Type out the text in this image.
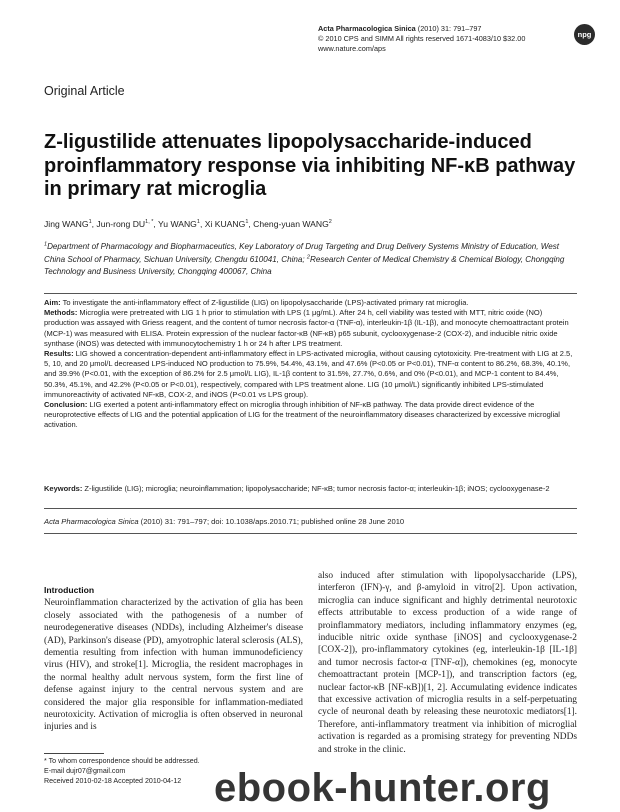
Acta Pharmacologica Sinica (2010) 31: 791–797
© 2010 CPS and SIMM All rights reserved 1671-4083/10 $32.00
www.nature.com/aps
npg
Original Article
Z-ligustilide attenuates lipopolysaccharide-induced proinflammatory response via inhibiting NF-κB pathway in primary rat microglia
Jing WANG$^1$, Jun-rong $DU^{1, *}$, Yu WANG$^1$, Xi KUANG$^1$, Cheng-yuan WANG$^2$
$^1$Department of Pharmacology and Biopharmaceutics, Key Laboratory of Drug Targeting and Drug Delivery Systems Ministry of Education, West China School of Pharmacy, Sichuan University, Chengdu 610041, China; $^2$Research Center of Medical Chemistry & Chemical Biology, Chongqing Technology and Business University, Chongqing 400067, China

Aim: To investigate the anti-inflammatory effect of Z-ligustilide (LIG) on lipopolysaccharide (LPS)-activated primary rat microglia.

Methods: Microglia were pretreated with LIG 1 h prior to stimulation with LPS (1 μg/mL). After 24 h, cell viability was tested with MTT, nitric oxide (NO) production was assayed with Griess reagent, and the content of tumor necrosis factor-α (TNF-α), interleukin-1β (IL-1β), and monocyte chemoattractant protein (MCP-1) was measured with ELISA. Protein expression of the nuclear factor-κB (NF-κB) p65 subunit, cyclooxygenase-2 (COX-2), and inducible nitric oxide synthase (iNOS) was detected with immunocytochemistry 1 h or 24 h after LPS treatment.

Results: LIG showed a concentration-dependent anti-inflammatory effect in LPS-activated microglia, without causing cytotoxicity. Pre-treatment with LIG at 2.5, 5, 10, and 20 μmol/L decreased LPS-induced NO production to 75.9%, 54.4%, 43.1%, and 47.6% (P<0.05 or P<0.01), TNF-α content to 86.2%, 68.3%, 40.1%, and 39.9% (P<0.01, with the exception of 86.2% for 2.5 μmol/L LIG), IL-1β content to 31.5%, 27.7%, 0.6%, and 0% (P<0.01), and MCP-1 content to 84.4%, 50.3%, 45.1%, and 42.2% (P<0.05 or P<0.01), respectively, compared with LPS treatment alone. LIG (10 μmol/L) significantly inhibited LPS-stimulated immunoreactivity of activated NF-κB, COX-2, and iNOS (P<0.01 vs LPS group).

Conclusion: LIG exerted a potent anti-inflammatory effect on microglia through inhibition of NF-κB pathway. The data provide direct evidence of the neuroprotective effects of LIG and the potential application of LIG for the treatment of the neuroinflammatory diseases characterized by excessive microglial activation.

Keywords: Z-ligustilide (LIG); microglia; neuroinflammation; lipopolysaccharide; NF-κB; tumor necrosis factor-α; interleukin-1β; iNOS; cyclooxygenase-2
Acta Pharmacologica Sinica (2010) 31: 791–797; doi: 10.1038/aps.2010.71; published online 28 June 2010
Introduction
Neuroinflammation characterized by the activation of glia has been closely associated with the pathogenesis of a number of neurodegenerative diseases (NDDs), including Alzheimer's disease (AD), Parkinson's disease (PD), amyotrophic lateral sclerosis (ALS), dementia resulting from infection with human immunodeficiency virus (HIV), and stroke[1]. Microglia, the resident macrophages in the normal healthy adult nervous system, form the first line of defense against injury to the central nervous system and are considered the major glia responsible for inflammation-mediated neurotoxicity. Activation of microglia is often observed in neuronal injuries and is
also induced after stimulation with lipopolysaccharide (LPS), interferon (IFN)-γ, and β-amyloid in vitro[2]. Upon activation, microglia can induce significant and highly detrimental neurotoxic effects attributable to excess production of a wide range of proinflammatory mediators, including inflammatory enzymes (eg, inducible nitric oxide synthase [iNOS] and cyclooxygenase-2 [COX-2]), pro-inflammatory cytokines (eg, interleukin-1β [IL-1β] and tumor necrosis factor-α [TNF-α]), chemokines (eg, monocyte chemoattractant protein [MCP-1]), and transcription factors (eg, nuclear factor-κB [NF-κB])[1, 2]. Accumulating evidence indicates that excessive activation of microglia results in a self-perpetuating cycle of neuronal death by releasing these neurotoxic mediators[1]. Therefore, anti-inflammatory treatment via inhibition of microglial activation is regarded as a promising strategy for preventing NDDs and stroke in the clinic.
* To whom correspondence should be addressed.
E-mail dujr07@gmail.com
Received 2010-02-18 Accepted 2010-04-12 ebook-hunter.org
